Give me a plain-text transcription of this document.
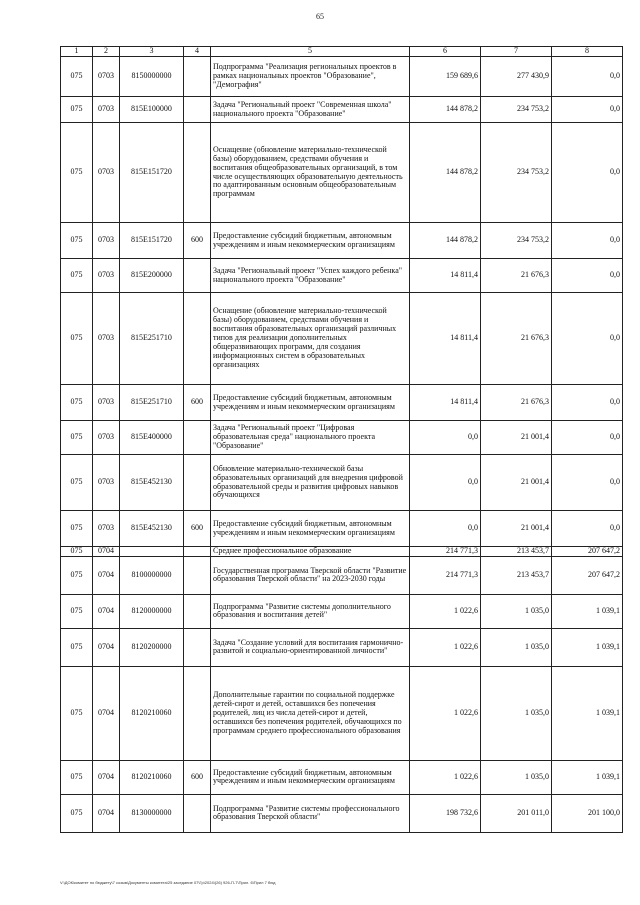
65
1	2	3	4	5	6	7	8
075	0703	8150000000		Подпрограмма "Реализация региональных проектов в рамках национальных проектов "Образование", "Демография"	159 689,6	277 430,9	0,0
075	0703	815E100000		Задача "Региональный проект "Современная школа" национального проекта "Образование"	144 878,2	234 753,2	0,0
075	0703	815E151720		Оснащение (обновление материально-технической базы) оборудованием, средствами обучения и воспитания общеобразовательных организаций, в том числе осуществляющих образовательную деятельность по адаптированным основным общеобразовательным программам	144 878,2	234 753,2	0,0
075	0703	815E151720	600	Предоставление субсидий бюджетным, автономным учреждениям и иным некоммерческим организациям	144 878,2	234 753,2	0,0
075	0703	815E200000		Задача "Региональный проект "Успех каждого ребенка" национального проекта "Образование"	14 811,4	21 676,3	0,0
075	0703	815E251710		Оснащение (обновление материально-технической базы) оборудованием, средствами обучения и воспитания образовательных организаций различных типов для реализации дополнительных общеразвивающих программ, для создания информационных систем в образовательных организациях	14 811,4	21 676,3	0,0
075	0703	815E251710	600	Предоставление субсидий бюджетным, автономным учреждениям и иным некоммерческим организациям	14 811,4	21 676,3	0,0
075	0703	815E400000		Задача "Региональный проект "Цифровая образовательная среда" национального проекта "Образование"	0,0	21 001,4	0,0
075	0703	815E452130		Обновление материально-технической базы образовательных организаций для внедрения цифровой образовательной среды и развития цифровых навыков обучающихся	0,0	21 001,4	0,0
075	0703	815E452130	600	Предоставление субсидий бюджетным, автономным учреждениям и иным некоммерческим организациям	0,0	21 001,4	0,0
075	0704			Среднее профессиональное образование	214 771,3	213 453,7	207 647,2
075	0704	8100000000		Государственная программа Тверской области "Развитие образования Тверской области" на 2023-2030 годы	214 771,3	213 453,7	207 647,2
075	0704	8120000000		Подпрограмма "Развитие системы дополнительного образования и воспитания детей"	1 022,6	1 035,0	1 039,1
075	0704	8120200000		Задача "Создание условий для воспитания гармонично-развитой и социально-ориентированной личности"	1 022,6	1 035,0	1 039,1
075	0704	8120210060		Дополнительные гарантии по социальной поддержке детей-сирот и детей, оставшихся без попечения родителей, лиц из числа детей-сирот и детей, оставшихся без попечения родителей, обучающихся по программам среднего профессионального образования	1 022,6	1 035,0	1 039,1
075	0704	8120210060	600	Предоставление субсидий бюджетным, автономным учреждениям и иным некоммерческим организациям	1 022,6	1 035,0	1 039,1
075	0704	8130000000		Подпрограмма "Развитие системы профессионального образования Тверской области"	198 732,6	201 011,0	201 100,0
V:\ДОК\комитет по бюджету\7 созыв\Документы комитета\25 заседание 07\Гр\2024\(26) 926-П-7\Прил. 6\Прил 7 бюд
